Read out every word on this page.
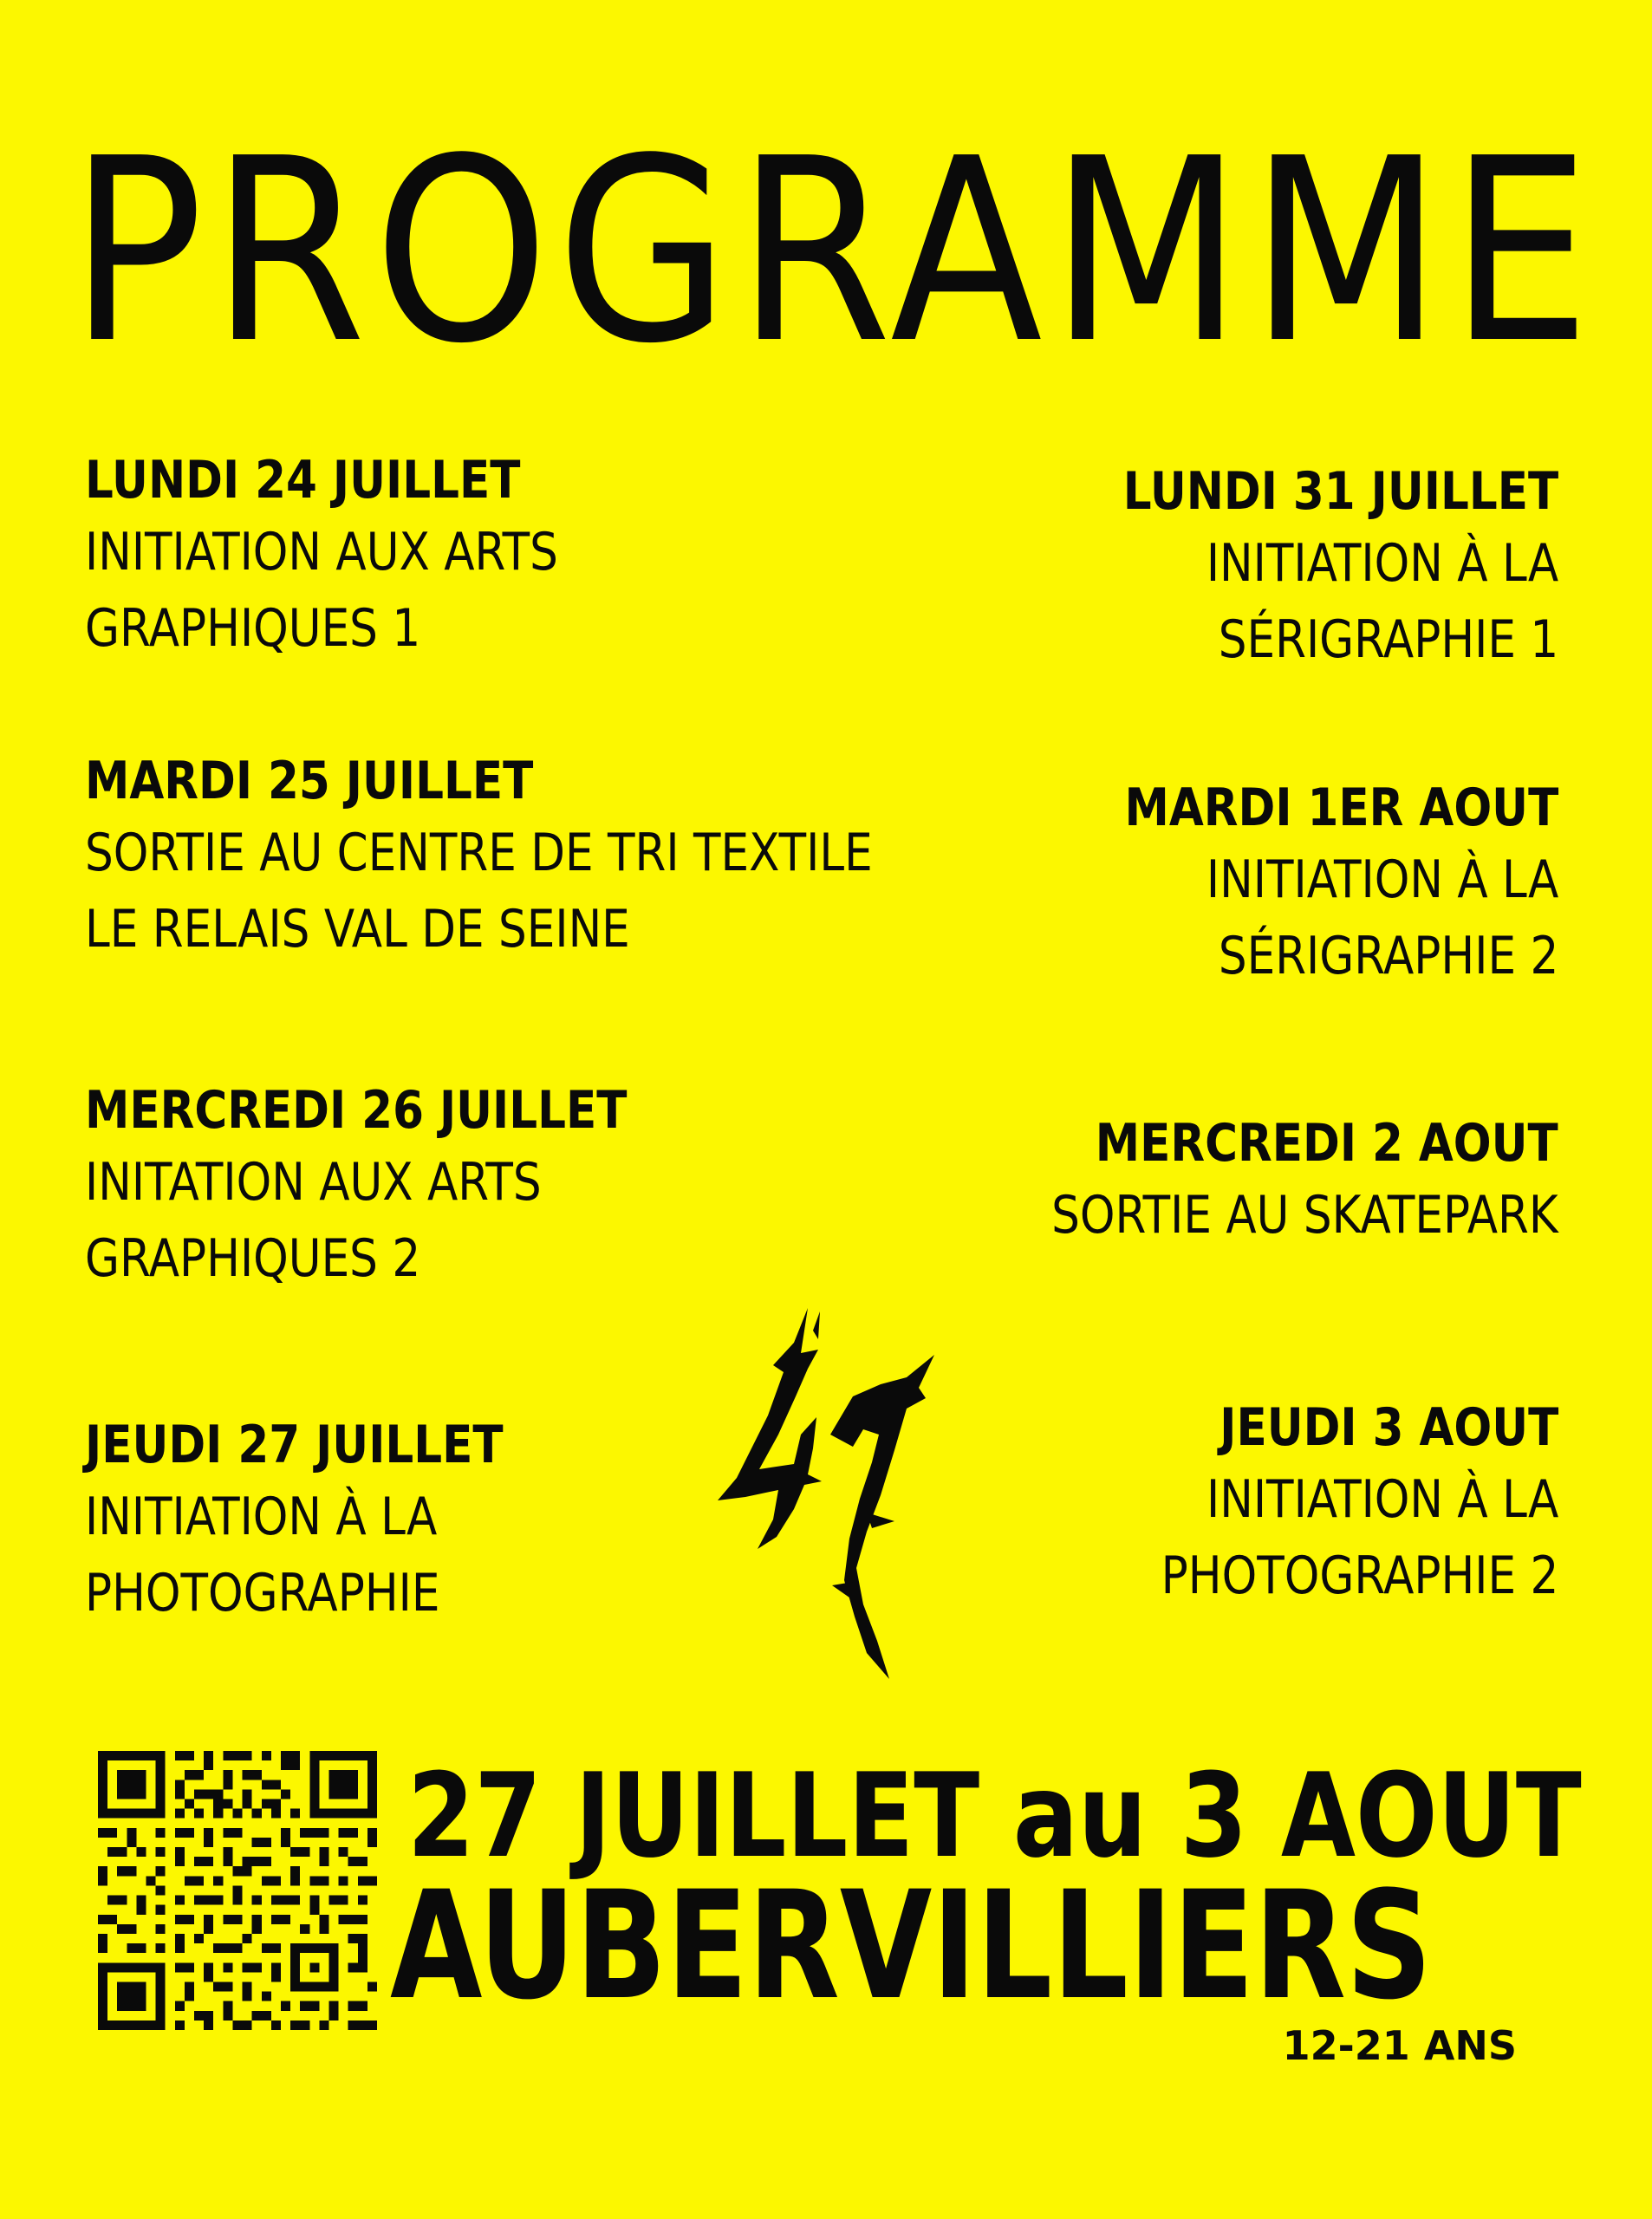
PROGRAMME
LUNDI 24 JUILLET
INITIATION AUX ARTS
GRAPHIQUES 1
MARDI 25 JUILLET
SORTIE AU CENTRE DE TRI TEXTILE
LE RELAIS VAL DE SEINE
MERCREDI 26 JUILLET
INITATION AUX ARTS
GRAPHIQUES 2
JEUDI 27 JUILLET
INITIATION À LA
PHOTOGRAPHIE
LUNDI 31 JUILLET
INITIATION À LA
SÉRIGRAPHIE 1
MARDI 1ER AOUT
INITIATION À LA
SÉRIGRAPHIE 2
MERCREDI 2 AOUT
SORTIE AU SKATEPARK
JEUDI 3 AOUT
INITIATION À LA
PHOTOGRAPHIE 2
27 JUILLET au 3 AOUT
AUBERVILLIERS
12-21 ANS
